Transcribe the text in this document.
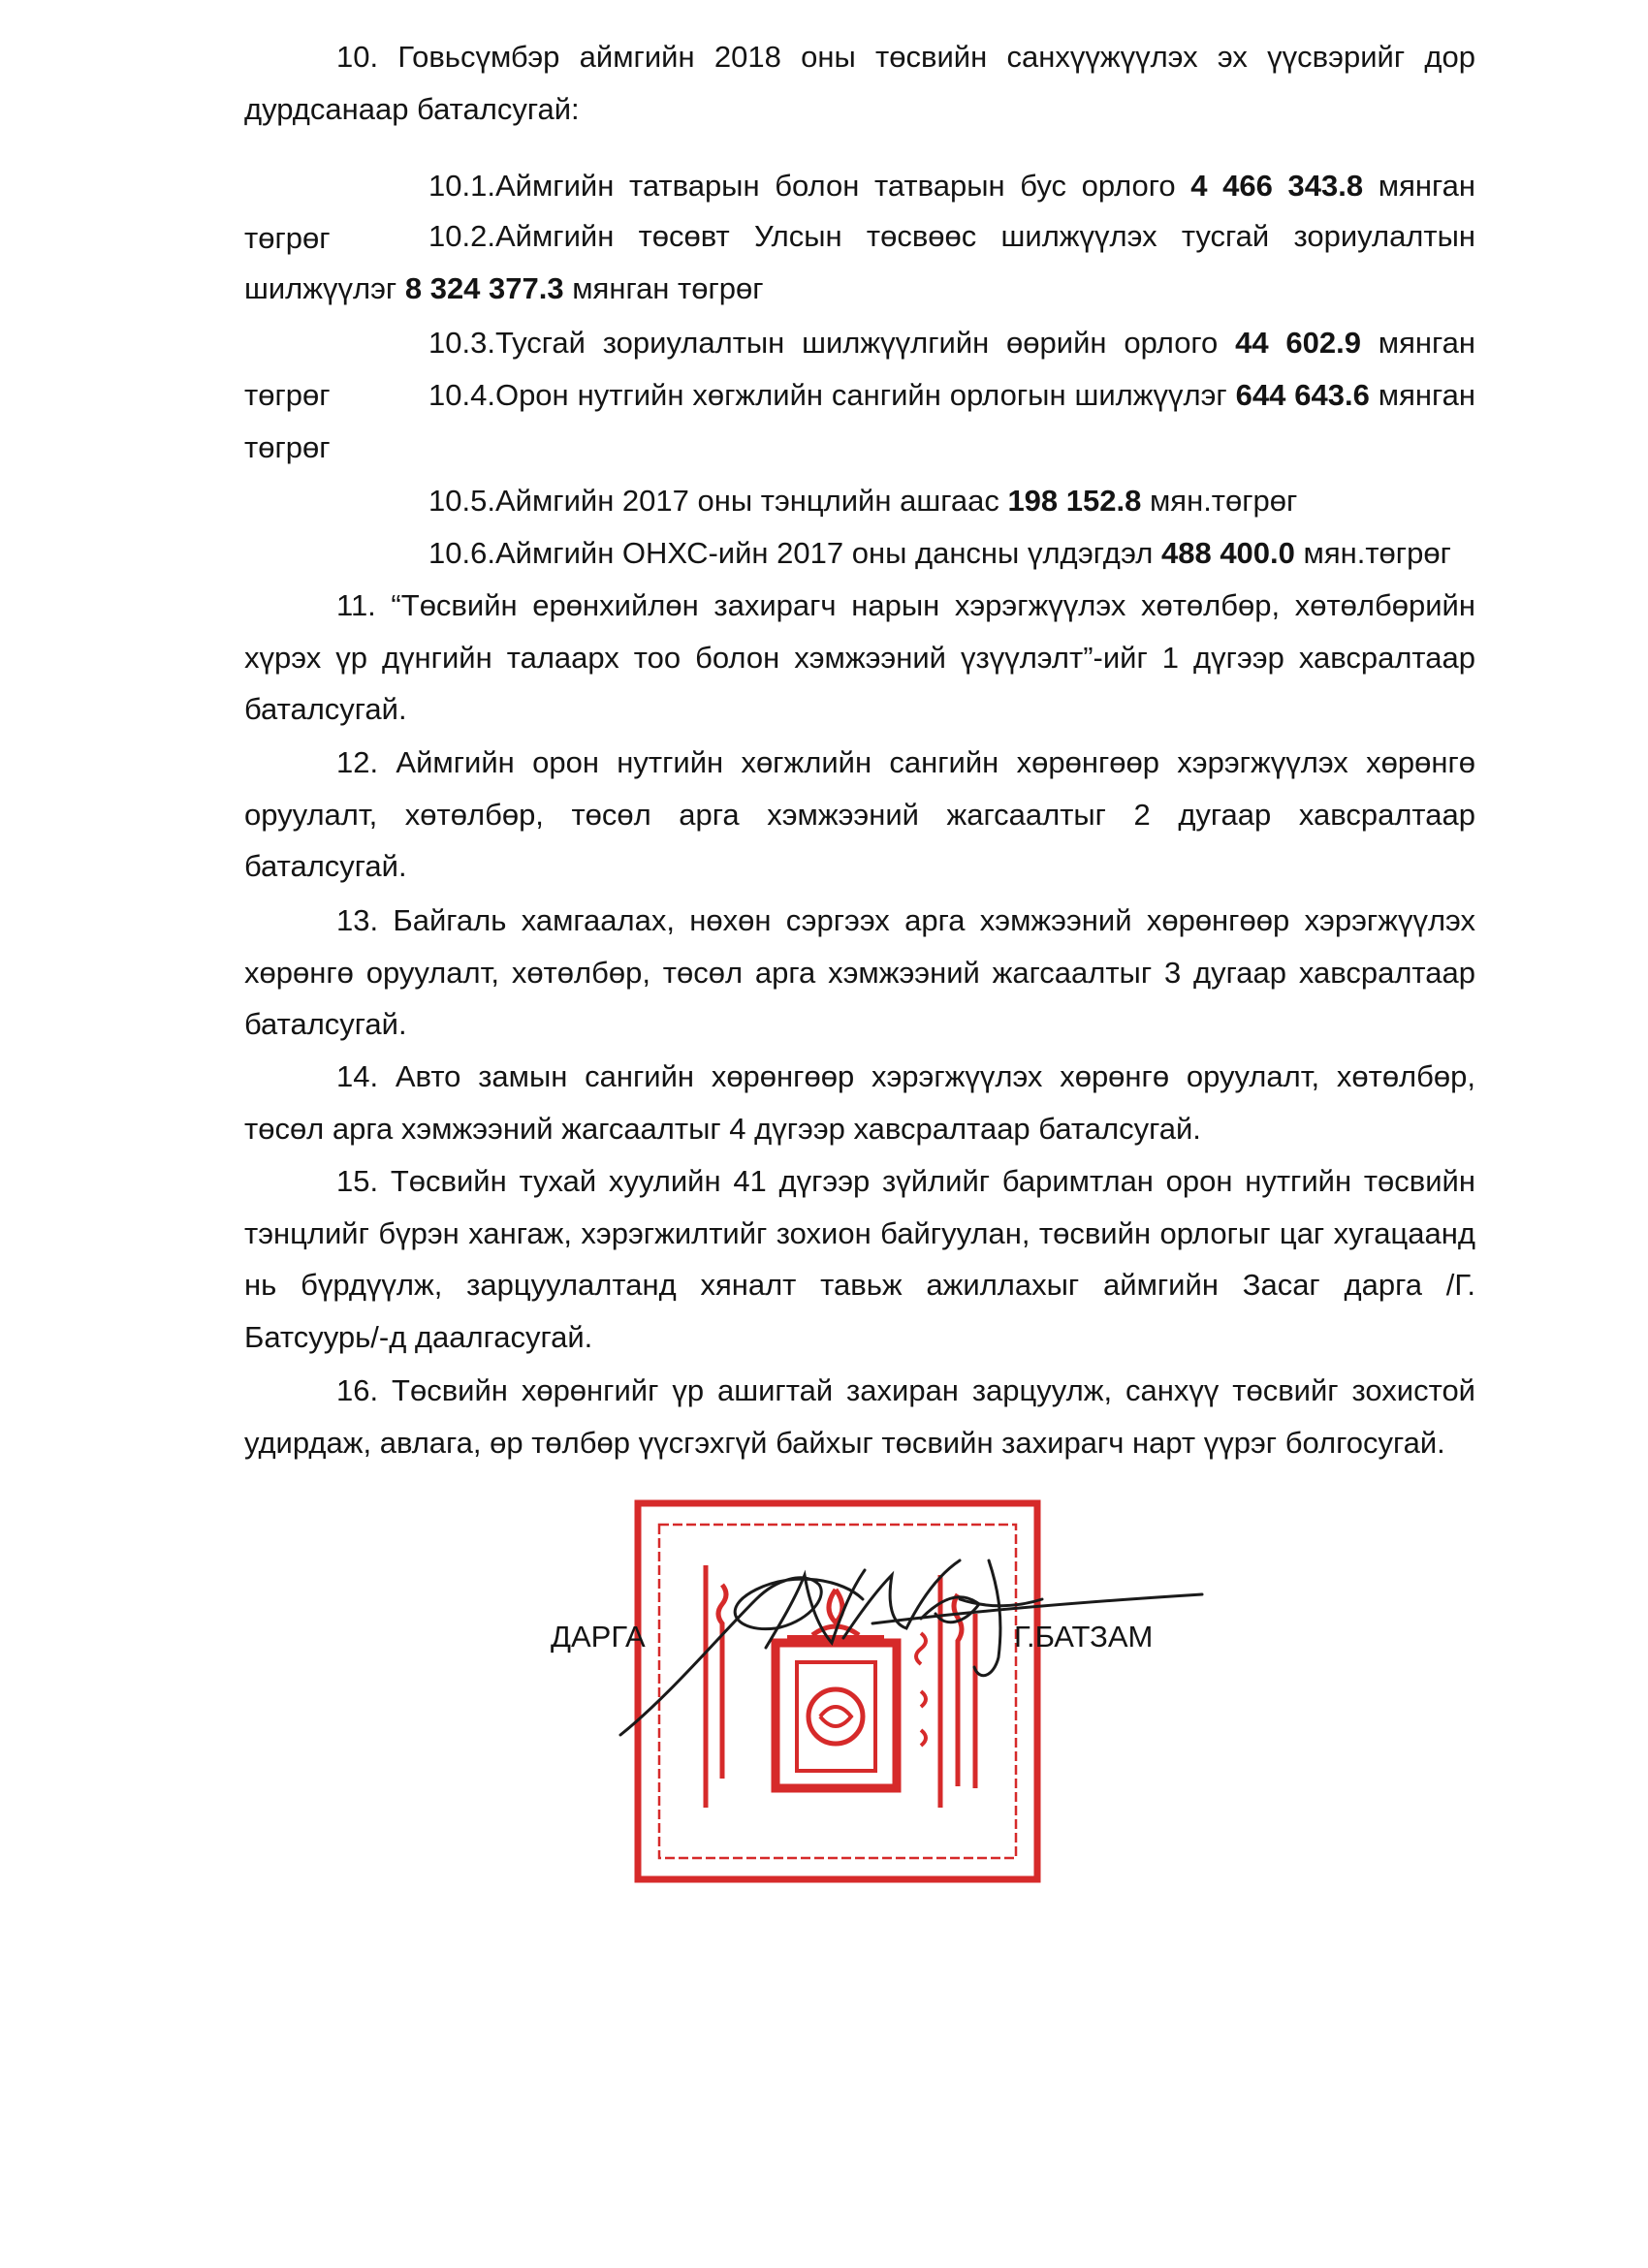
10. Говьсүмбэр аймгийн 2018 оны төсвийн санхүүжүүлэх эх үүсвэрийг дор дурдсанаар баталсугай:

10.1.Аймгийн татварын болон татварын бус орлого 4 466 343.8 мянган төгрөг	10.2.Аймгийн төсөвт Улсын төсвөөс шилжүүлэх тусгай зориулалтын шилжүүлэг 8 324 377.3 мянган төгрөг

10.3.Тусгай зориулалтын шилжүүлгийн өөрийн орлого 44 602.9 мянган төгрөг	10.4.Орон нутгийн хөгжлийн сангийн орлогын шилжүүлэг 644 643.6 мянган төгрөг

10.5.Аймгийн 2017 оны тэнцлийн ашгаас 198 152.8 мян.төгрөг

10.6.Аймгийн ОНХС-ийн 2017 оны дансны үлдэгдэл 488 400.0 мян.төгрөг

11. “Төсвийн ерөнхийлөн захирагч нарын хэрэгжүүлэх хөтөлбөр, хөтөлбөрийн хүрэх үр дүнгийн талаарх тоо болон хэмжээний үзүүлэлт”-ийг 1 дүгээр хавсралтаар баталсугай.

12. Аймгийн орон нутгийн хөгжлийн сангийн хөрөнгөөр хэрэгжүүлэх хөрөнгө оруулалт, хөтөлбөр, төсөл арга хэмжээний жагсаалтыг 2 дугаар хавсралтаар баталсугай.

13. Байгаль хамгаалах, нөхөн сэргээх арга хэмжээний хөрөнгөөр хэрэгжүүлэх хөрөнгө оруулалт, хөтөлбөр, төсөл арга хэмжээний жагсаалтыг 3 дугаар хавсралтаар баталсугай.

14. Авто замын сангийн хөрөнгөөр хэрэгжүүлэх хөрөнгө оруулалт, хөтөлбөр, төсөл арга хэмжээний жагсаалтыг 4 дүгээр хавсралтаар баталсугай.

15. Төсвийн тухай хуулийн 41 дүгээр зүйлийг баримтлан орон нутгийн төсвийн тэнцлийг бүрэн хангаж, хэрэгжилтийг зохион байгуулан, төсвийн орлогыг цаг хугацаанд нь бүрдүүлж, зарцуулалтанд хяналт тавьж ажиллахыг аймгийн Засаг дарга /Г. Батсуурь/-д даалгасугай.

16. Төсвийн хөрөнгийг үр ашигтай захиран зарцуулж, санхүү төсвийг зохистой удирдаж, авлага, өр төлбөр үүсгэхгүй байхыг төсвийн захирагч нарт үүрэг болгосугай.

ДАРГА	Г.БАТЗАМ
